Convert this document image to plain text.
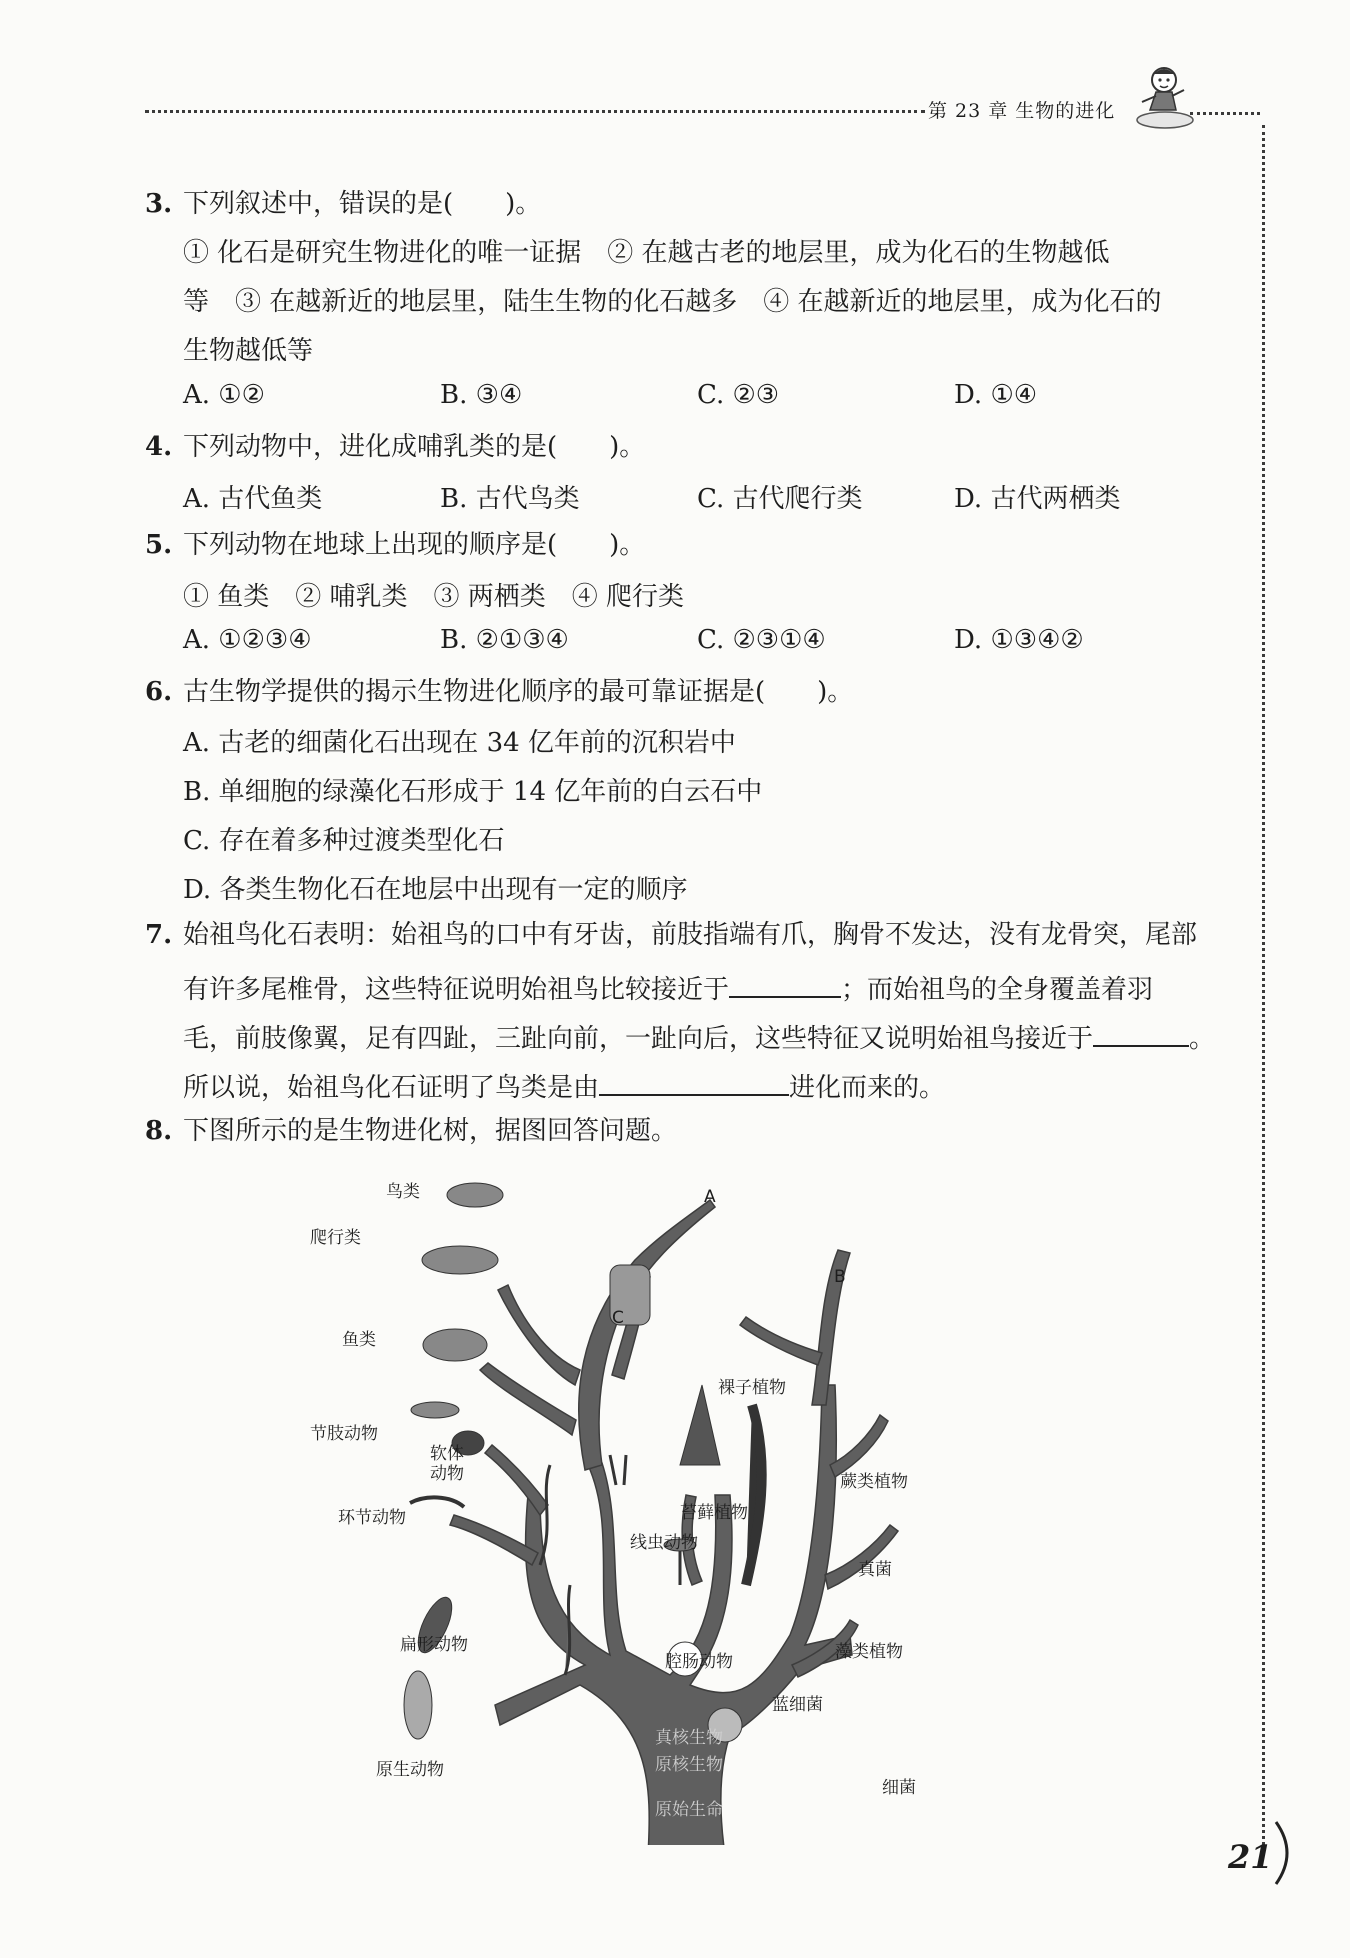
第 23 章 生物的进化
3. 下列叙述中，错误的是(　　)。
① 化石是研究生物进化的唯一证据　② 在越古老的地层里，成为化石的生物越低
等　③ 在越新近的地层里，陆生生物的化石越多　④ 在越新近的地层里，成为化石的
生物越低等
A. ①②	B. ③④	C. ②③	D. ①④
4. 下列动物中，进化成哺乳类的是(　　)。
A. 古代鱼类	B. 古代鸟类	C. 古代爬行类	D. 古代两栖类
5. 下列动物在地球上出现的顺序是(　　)。
① 鱼类　② 哺乳类　③ 两栖类　④ 爬行类
A. ①②③④	B. ②①③④	C. ②③①④	D. ①③④②
6. 古生物学提供的揭示生物进化顺序的最可靠证据是(　　)。
A. 古老的细菌化石出现在 34 亿年前的沉积岩中
B. 单细胞的绿藻化石形成于 14 亿年前的白云石中
C. 存在着多种过渡类型化石
D. 各类生物化石在地层中出现有一定的顺序
7. 始祖鸟化石表明：始祖鸟的口中有牙齿，前肢指端有爪，胸骨不发达，没有龙骨突，尾部
有许多尾椎骨，这些特征说明始祖鸟比较接近于	；而始祖鸟的全身覆盖着羽
毛，前肢像翼，足有四趾，三趾向前，一趾向后，这些特征又说明始祖鸟接近于	。
所以说，始祖鸟化石证明了鸟类是由	进化而来的。
8. 下图所示的是生物进化树，据图回答问题。
鸟类
爬行类
鱼类
节肢动物
软体
动物
环节动物
线虫动物
扁形动物
腔肠动物
原生动物
裸子植物
苔藓植物
蕨类植物
真菌
藻类植物
蓝细菌
细菌
A
B
C
真核生物
原核生物
原始生命
21
